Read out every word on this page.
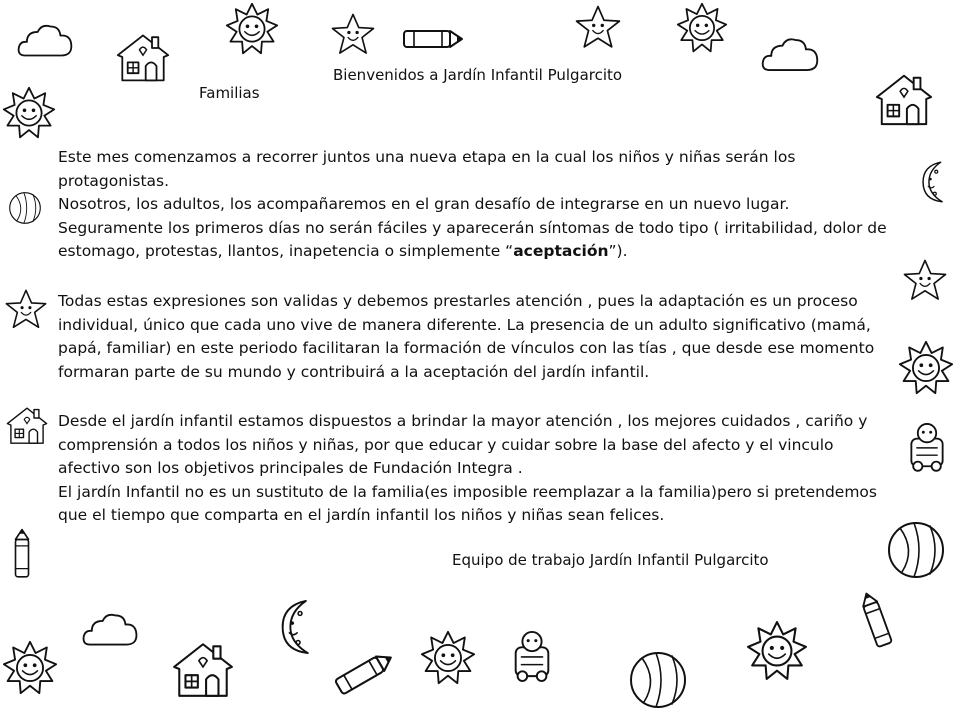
Bienvenidos a Jardín Infantil Pulgarcito
Familias

Este mes comenzamos a recorrer juntos una nueva etapa en la cual los niños y niñas serán los

protagonistas.

Nosotros, los adultos, los acompañaremos en el gran desafío de integrarse en un nuevo lugar.

Seguramente los primeros días no serán fáciles y aparecerán síntomas de todo tipo ( irritabilidad, dolor de

estomago, protestas, llantos, inapetencia o simplemente “aceptación”).

Todas estas expresiones son validas y debemos prestarles atención , pues la adaptación es un proceso

individual, único que cada uno vive de manera diferente. La presencia de un adulto significativo (mamá,

papá, familiar) en este periodo facilitaran la formación de vínculos con las tías , que desde ese momento

formaran parte de su mundo y contribuirá a la aceptación del jardín infantil.

Desde el jardín infantil estamos dispuestos a brindar la mayor atención , los mejores cuidados , cariño y

comprensión a todos los niños y niñas, por que educar y cuidar sobre la base del afecto y el vinculo

afectivo son los objetivos principales de Fundación Integra .

El jardín Infantil no es un sustituto de la familia(es imposible reemplazar a la familia)pero si pretendemos

que el tiempo que comparta en el jardín infantil los niños y niñas sean felices.

Equipo de trabajo Jardín Infantil Pulgarcito
